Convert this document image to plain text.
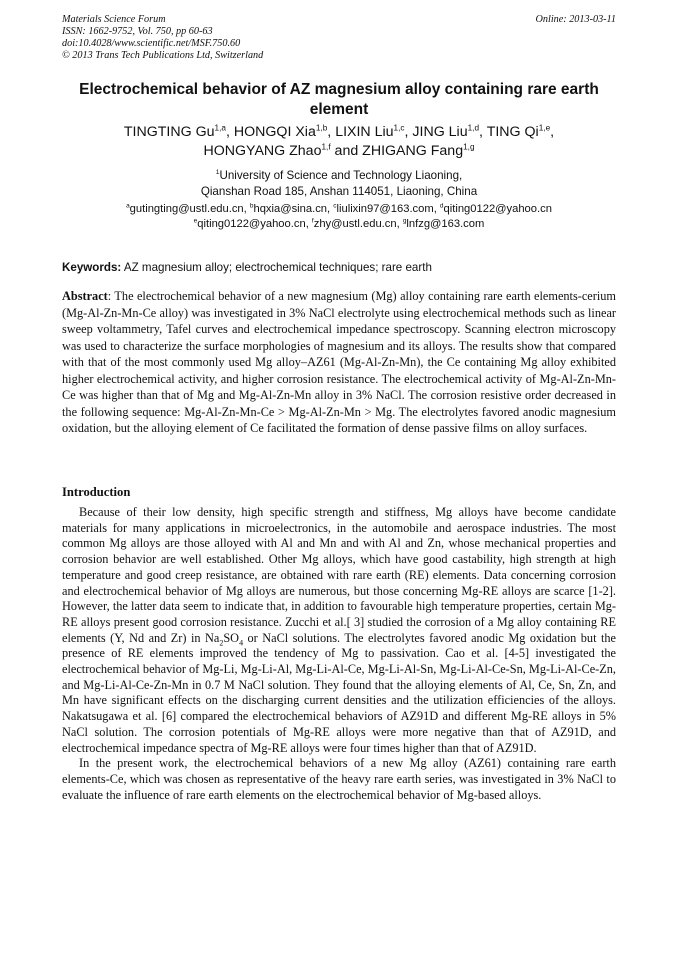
Materials Science Forum	Online: 2013-03-11
ISSN: 1662-9752, Vol. 750, pp 60-63
doi:10.4028/www.scientific.net/MSF.750.60
© 2013 Trans Tech Publications Ltd, Switzerland
Electrochemical behavior of AZ magnesium alloy containing rare earth element
TINGTING Gu$^{1,a}$, HONGQI Xia$^{1,b}$, LIXIN Liu$^{1,c}$, JING Liu$^{1,d}$, TING Qi$^{1,e}$,
HONGYANG Zhao$^{1,f}$ and ZHIGANG Fang$^{1,g}$
$^1$University of Science and Technology Liaoning,
Qianshan Road 185, Anshan 114051, Liaoning, China
$^a$gutingting@ustl.edu.cn, $^b$hqxia@sina.cn, $^c$liulixin97@163.com, $^d$qiting0122@yahoo.cn
$^e$qiting0122@yahoo.cn, $^f$zhy@ustl.edu.cn, $^g$lnfzg@163.com
Keywords: AZ magnesium alloy; electrochemical techniques; rare earth
Abstract: The electrochemical behavior of a new magnesium (Mg) alloy containing rare earth elements-cerium (Mg-Al-Zn-Mn-Ce alloy) was investigated in 3% NaCl electrolyte using electrochemical methods such as linear sweep voltammetry, Tafel curves and electrochemical impedance spectroscopy. Scanning electron microscopy was used to characterize the surface morphologies of magnesium and its alloys. The results show that compared with that of the most commonly used Mg alloy–AZ61 (Mg-Al-Zn-Mn), the Ce containing Mg alloy exhibited higher electrochemical activity, and higher corrosion resistance. The electrochemical activity of Mg-Al-Zn-Mn-Ce was higher than that of Mg and Mg-Al-Zn-Mn alloy in 3% NaCl. The corrosion resistive order decreased in the following sequence: Mg-Al-Zn-Mn-Ce > Mg-Al-Zn-Mn > Mg. The electrolytes favored anodic magnesium oxidation, but the alloying element of Ce facilitated the formation of dense passive films on alloy surfaces.
Introduction

Because of their low density, high specific strength and stiffness, Mg alloys have become candidate materials for many applications in microelectronics, in the automobile and aerospace industries. The most common Mg alloys are those alloyed with Al and Mn and with Al and Zn, whose mechanical properties and corrosion behavior are well established. Other Mg alloys, which have good castability, high strength at high temperature and good creep resistance, are obtained with rare earth (RE) elements. Data concerning corrosion and electrochemical behavior of Mg alloys are numerous, but those concerning Mg-RE alloys are scarce [1-2]. However, the latter data seem to indicate that, in addition to favourable high temperature properties, certain Mg-RE alloys present good corrosion resistance. Zucchi et al.[ 3] studied the corrosion of a Mg alloy containing RE elements (Y, Nd and Zr) in $Na_2SO_4$ or NaCl solutions. The electrolytes favored anodic Mg oxidation but the presence of RE elements improved the tendency of Mg to passivation. Cao et al. [4-5] investigated the electrochemical behavior of Mg-Li, Mg-Li-Al, Mg-Li-Al-Ce, Mg-Li-Al-Sn, Mg-Li-Al-Ce-Sn, Mg-Li-Al-Ce-Zn, and Mg-Li-Al-Ce-Zn-Mn in 0.7 M NaCl solution. They found that the alloying elements of Al, Ce, Sn, Zn, and Mn have significant effects on the discharging current densities and the utilization efficiencies of the alloys. Nakatsugawa et al. [6] compared the electrochemical behaviors of AZ91D and different Mg-RE alloys in 5% NaCl solution. The corrosion potentials of Mg-RE alloys were more negative than that of AZ91D, and electrochemical impedance spectra of Mg-RE alloys were four times higher than that of AZ91D.

In the present work, the electrochemical behaviors of a new Mg alloy (AZ61) containing rare earth elements-Ce, which was chosen as representative of the heavy rare earth series, was investigated in 3% NaCl to evaluate the influence of rare earth elements on the electrochemical behavior of Mg-based alloys.
